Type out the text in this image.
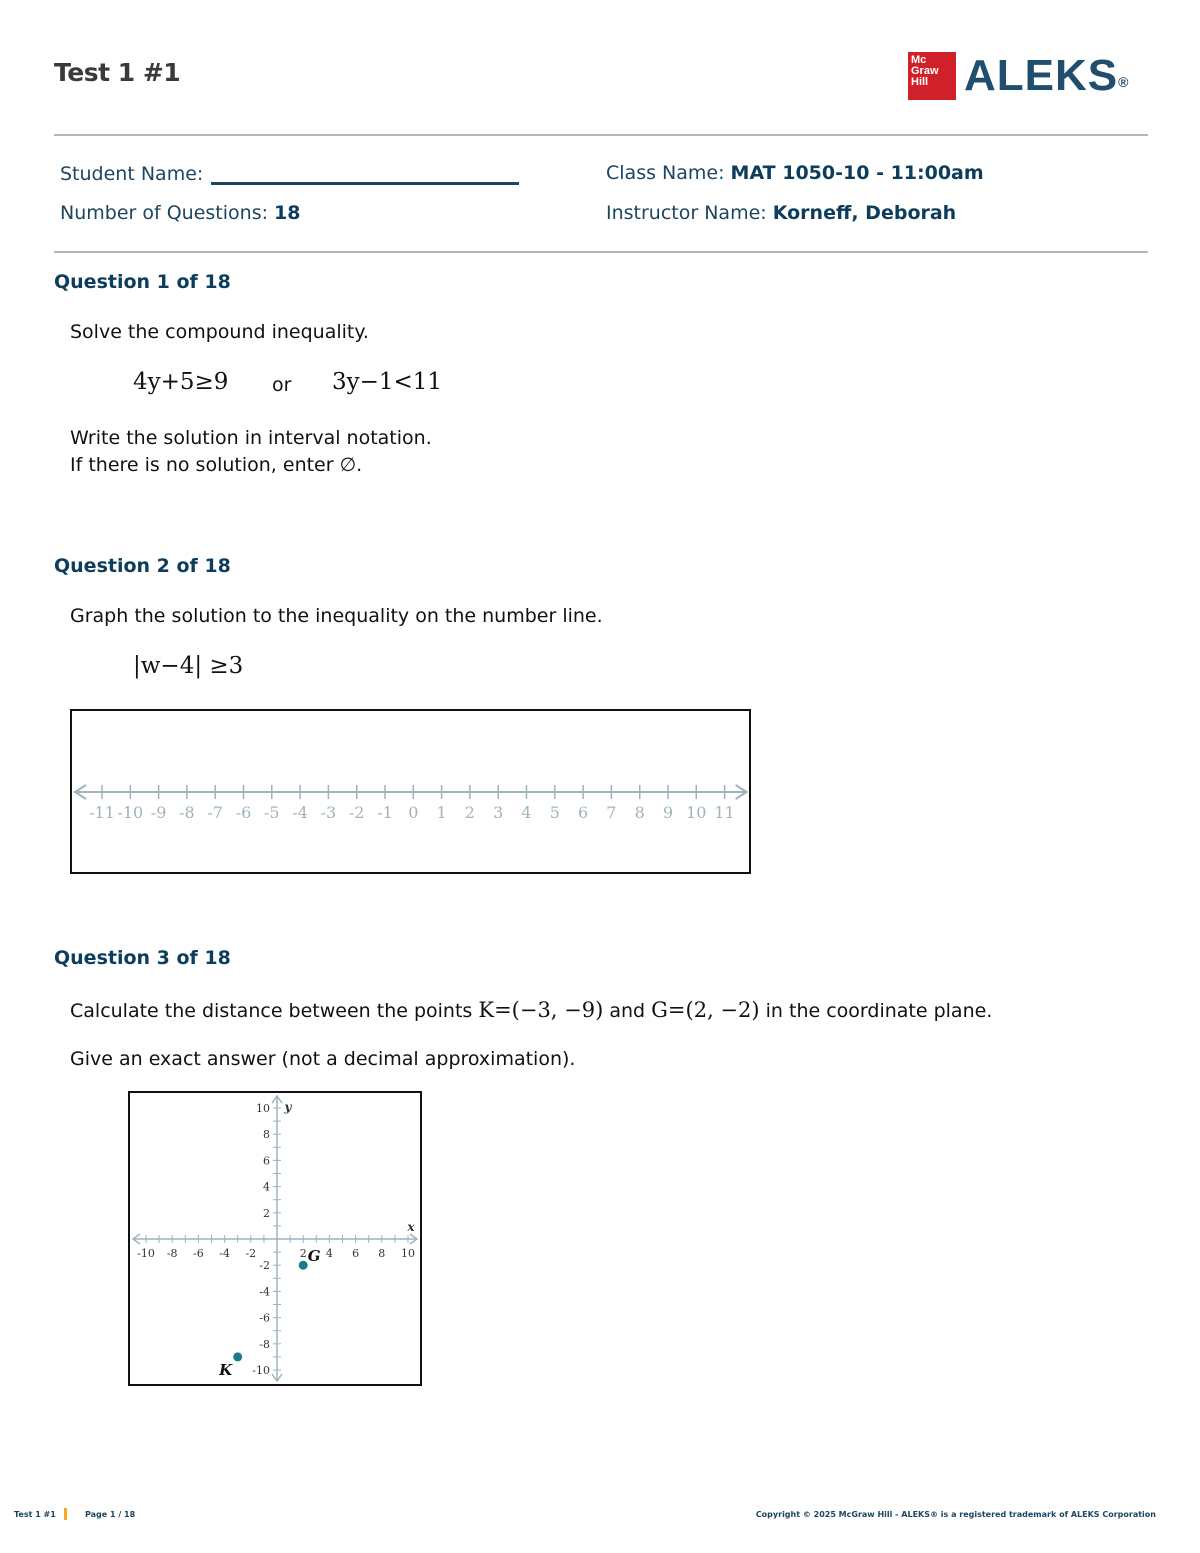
Test 1 #1	Mc Graw Hill ALEKS®
Student Name:
Number of Questions: 18
Class Name: MAT 1050-10 - 11:00am
Instructor Name: Korneff, Deborah
Question 1 of 18
Solve the compound inequality.
4y+5≥9 or 3y−1<11
Write the solution in interval notation.
If there is no solution, enter ∅.
Question 2 of 18
Graph the solution to the inequality on the number line.
|w−4| ≥3
-11 -10 -9 -8 -7 -6 -5 -4 -3 -2 -1 0 1 2 3 4 5 6 7 8 9 10 11
Question 3 of 18
Calculate the distance between the points K=(−3, −9) and G=(2, −2) in the coordinate plane.
Give an exact answer (not a decimal approximation).
-10 -8 -6 -4 -2	2 4 6 8 10
10
8
6
4
2
-2
-4
-6
-8
-10
x
y
K
G
Test 1 #1	Page 1 / 18	Copyright © 2025 McGraw Hill - ALEKS® is a registered trademark of ALEKS Corporation
